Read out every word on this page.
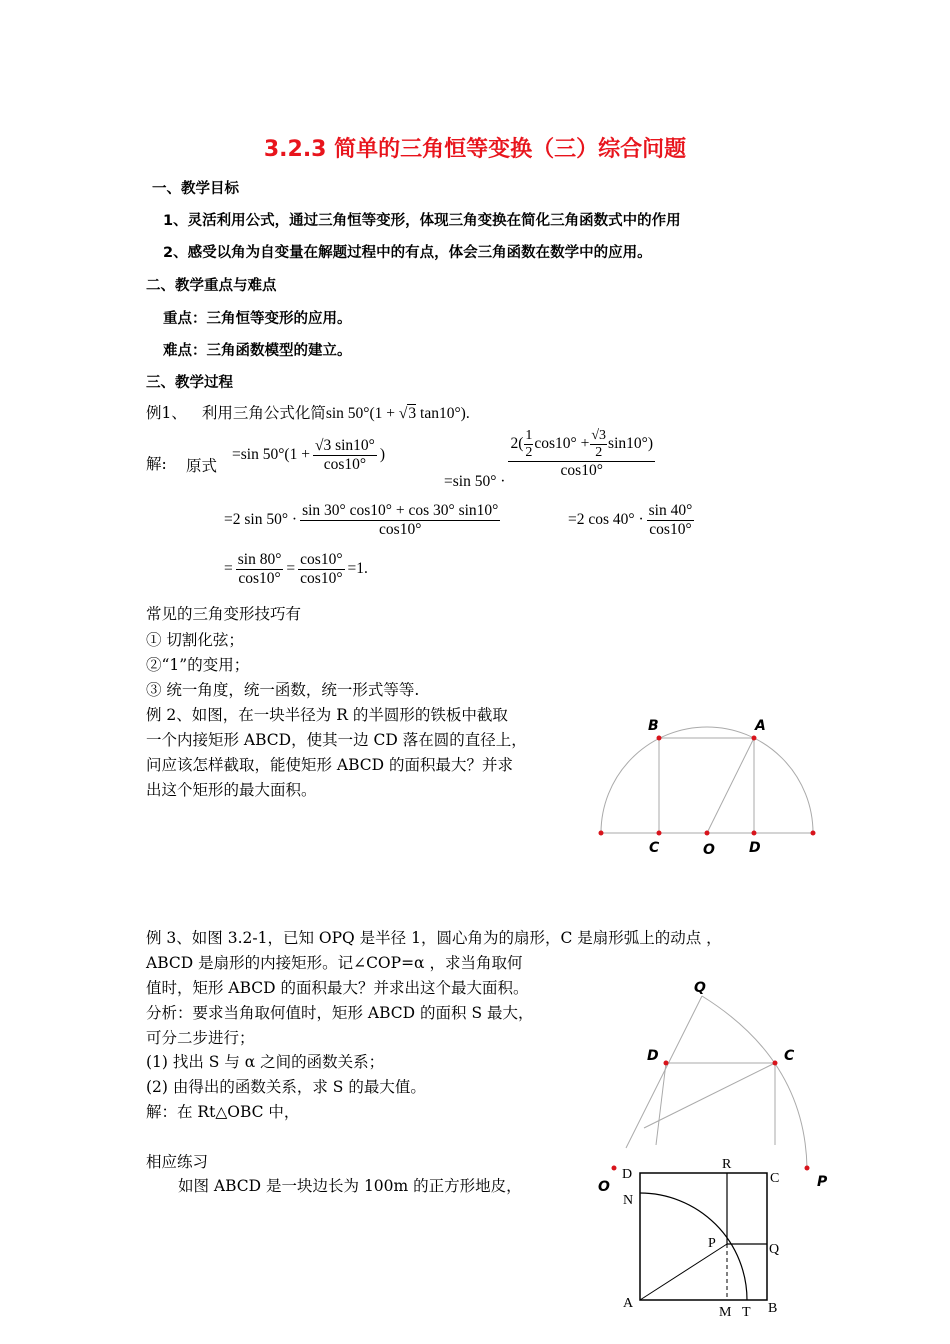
3.2.3 简单的三角恒等变换（三）综合问题
一、教学目标
1、灵活利用公式，通过三角恒等变形，体现三角变换在简化三角函数式中的作用
2、感受以角为自变量在解题过程中的有点，体会三角函数在数学中的应用。
二、教学重点与难点
重点：三角恒等变形的应用。
难点：三角函数模型的建立。
三、教学过程
例1、 利用三角公式化简sin 50°(1 + √3 tan10°).
解: 原式
=sin $50^\circ(1 + \frac{√3 \sin 10^\circ}{\cos 10^\circ}$ )
=sin 50° ·
$\frac{2( \frac{1}{2} \cos 10^\circ + \frac{√3}{2} \sin 10^\circ)}{\cos 10^\circ}$
=2 $\sin 50^\circ \cdot \frac{\sin 30^\circ \cos 10^\circ + \cos 30^\circ \sin 10^\circ}{\cos 10^\circ}$	=2 $\cos 40^\circ \cdot \frac{\sin 40^\circ}{\cos 10^\circ}$
= $\frac{\sin 80^\circ}{\cos 10^\circ} = \frac{\cos 10^\circ}{\cos 10^\circ} =1$.
常见的三角变形技巧有
① 切割化弦；
②“1”的变用；
③ 统一角度，统一函数，统一形式等等.
例 2、如图，在一块半径为 R 的半圆形的铁板中截取
一个内接矩形 ABCD，使其一边 CD 落在圆的直径上，
问应该怎样截取，能使矩形 ABCD 的面积最大？并求
出这个矩形的最大面积。
B	A
C	O D
例 3、如图 3.2-1，已知 OPQ 是半径 1，圆心角为的扇形，C 是扇形弧上的动点 ，
ABCD 是扇形的内接矩形。记∠COP=α ，求当角取何
值时，矩形 ABCD 的面积最大？并求出这个最大面积。
分析：要求当角取何值时，矩形 ABCD 的面积 S 最大，
可分二步进行；
(1) 找出 S 与 α 之间的函数关系；
(2) 由得出的函数关系，求 S 的最大值。
解：在 Rt△OBC 中，
Q
D	C
O	P
相应练习
如图 ABCD 是一块边长为 100m 的正方形地皮，
D
R
C
N
P	Q
A
M T B
